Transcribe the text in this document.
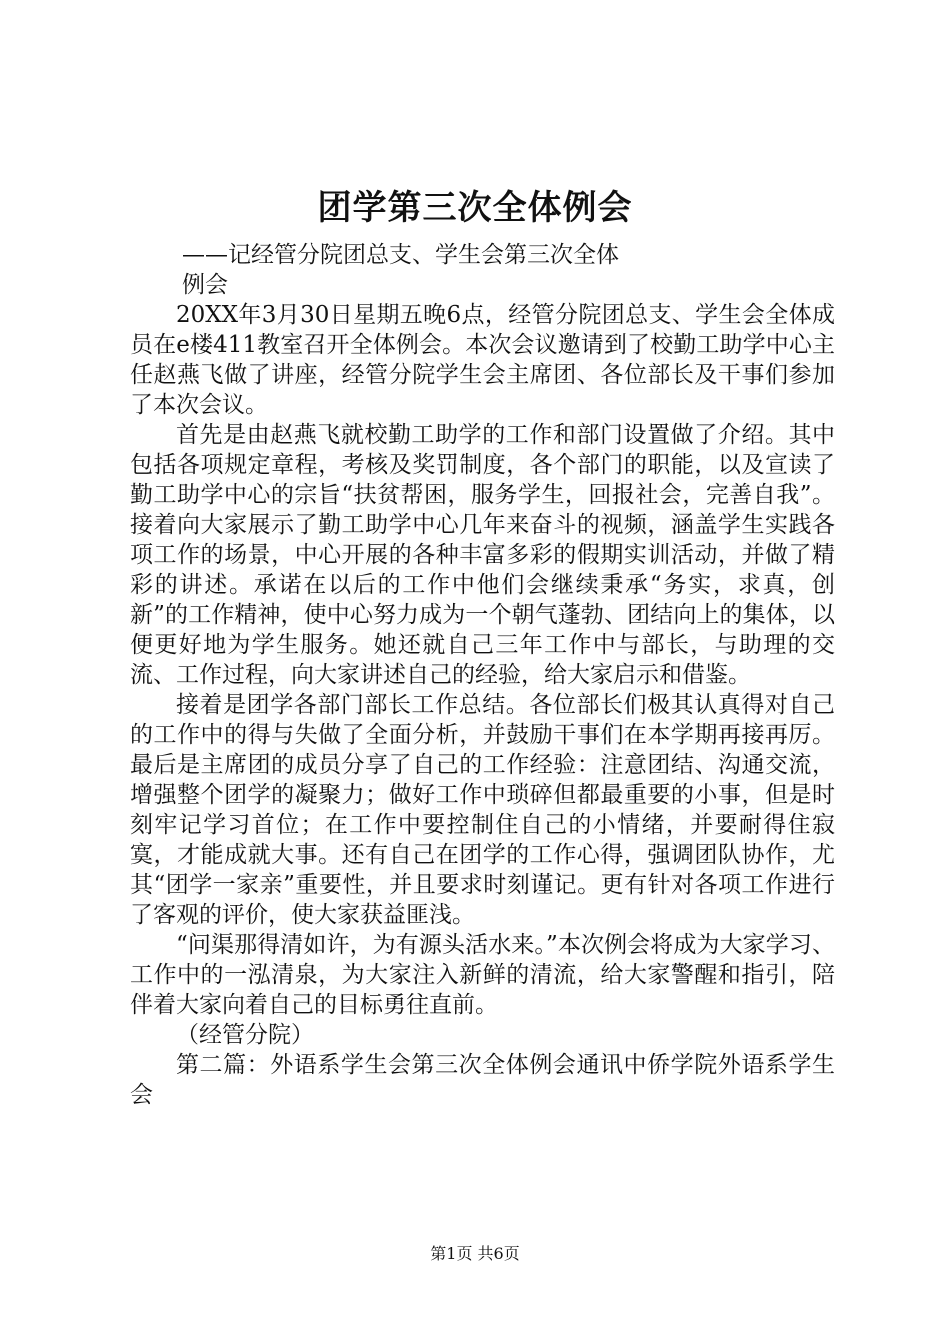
团学第三次全体例会
——记经管分院团总支、学生会第三次全体
例会

20XX年3月30日星期五晚6点，经管分院团总支、学生会全体成员在e楼411教室召开全体例会。本次会议邀请到了校勤工助学中心主任赵燕飞做了讲座，经管分院学生会主席团、各位部长及干事们参加了本次会议。

首先是由赵燕飞就校勤工助学的工作和部门设置做了介绍。其中包括各项规定章程，考核及奖罚制度，各个部门的职能，以及宣读了勤工助学中心的宗旨“扶贫帮困，服务学生，回报社会，完善自我”。接着向大家展示了勤工助学中心几年来奋斗的视频，涵盖学生实践各项工作的场景，中心开展的各种丰富多彩的假期实训活动，并做了精彩的讲述。承诺在以后的工作中他们会继续秉承“务实，求真，创新”的工作精神，使中心努力成为一个朝气蓬勃、团结向上的集体，以便更好地为学生服务。她还就自己三年工作中与部长，与助理的交流、工作过程，向大家讲述自己的经验，给大家启示和借鉴。

接着是团学各部门部长工作总结。各位部长们极其认真得对自己的工作中的得与失做了全面分析，并鼓励干事们在本学期再接再厉。最后是主席团的成员分享了自己的工作经验：注意团结、沟通交流，增强整个团学的凝聚力；做好工作中琐碎但都最重要的小事，但是时刻牢记学习首位；在工作中要控制住自己的小情绪，并要耐得住寂寞，才能成就大事。还有自己在团学的工作心得，强调团队协作，尤其“团学一家亲”重要性，并且要求时刻谨记。更有针对各项工作进行了客观的评价，使大家获益匪浅。

“问渠那得清如许，为有源头活水来。”本次例会将成为大家学习、工作中的一泓清泉，为大家注入新鲜的清流，给大家警醒和指引，陪伴着大家向着自己的目标勇往直前。

（经管分院）

第二篇：外语系学生会第三次全体例会通讯中侨学院外语系学生会

第1页 共6页
